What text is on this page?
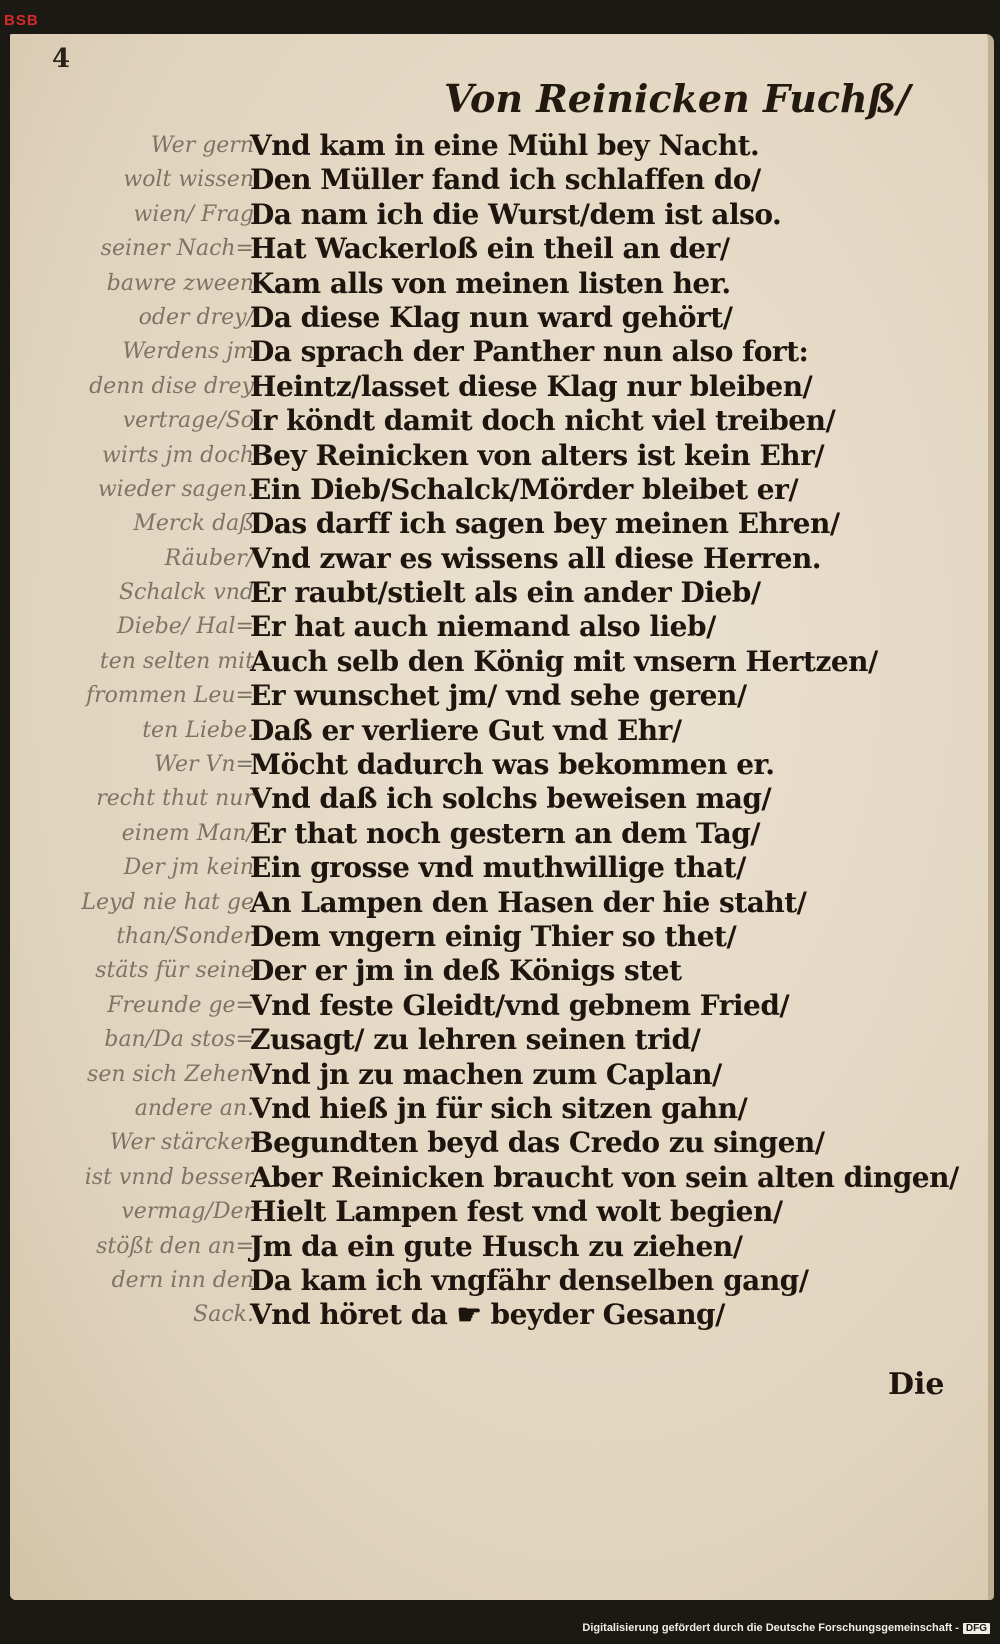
BSB
4
Von Reinicken Fuchß/
Wer gern
wolt wissen
wien/ Frag
seiner Nach=
bawre zween
oder drey/
Werdens jm
denn dise drey
vertrage/So
wirts jm doch
wieder sagen.
Merck daß
Räuber/
Schalck vnd
Diebe/ Hal=
ten selten mit
frommen Leu=
ten Liebe.
Wer Vn=
recht thut nur
einem Man/
Der jm kein
Leyd nie hat ge
than/Sonder
stäts für seine
Freunde ge=
ban/Da stos=
sen sich Zehen
andere an.
Wer stärcker
ist vnnd besser
vermag/Der
stößt den an=
dern inn den
Sack.
Vnd kam in eine Mühl bey Nacht.
Den Müller fand ich schlaffen do/
Da nam ich die Wurst/dem ist also.
Hat Wackerloß ein theil an der/
Kam alls von meinen listen her.
Da diese Klag nun ward gehört/
Da sprach der Panther nun also fort:
Heintz/lasset diese Klag nur bleiben/
Ir köndt damit doch nicht viel treiben/
Bey Reinicken von alters ist kein Ehr/
Ein Dieb/Schalck/Mörder bleibet er/
Das darff ich sagen bey meinen Ehren/
Vnd zwar es wissens all diese Herren.
Er raubt/stielt als ein ander Dieb/
Er hat auch niemand also lieb/
Auch selb den König mit vnsern Hertzen/
Er wunschet jm/ vnd sehe geren/
Daß er verliere Gut vnd Ehr/
Möcht dadurch was bekommen er.
Vnd daß ich solchs beweisen mag/
Er that noch gestern an dem Tag/
Ein grosse vnd muthwillige that/
An Lampen den Hasen der hie staht/
Dem vngern einig Thier so thet/
Der er jm in deß Königs stet
Vnd feste Gleidt/vnd gebnem Fried/
Zusagt/ zu lehren seinen trid/
Vnd jn zu machen zum Caplan/
Vnd hieß jn für sich sitzen gahn/
Begundten beyd das Credo zu singen/
Aber Reinicken braucht von sein alten dingen/
Hielt Lampen fest vnd wolt begien/
Jm da ein gute Husch zu ziehen/
Da kam ich vngfähr denselben gang/
Vnd höret da ☛ beyder Gesang/
Die
Digitalisierung gefördert durch die Deutsche Forschungsgemeinschaft - DFG
